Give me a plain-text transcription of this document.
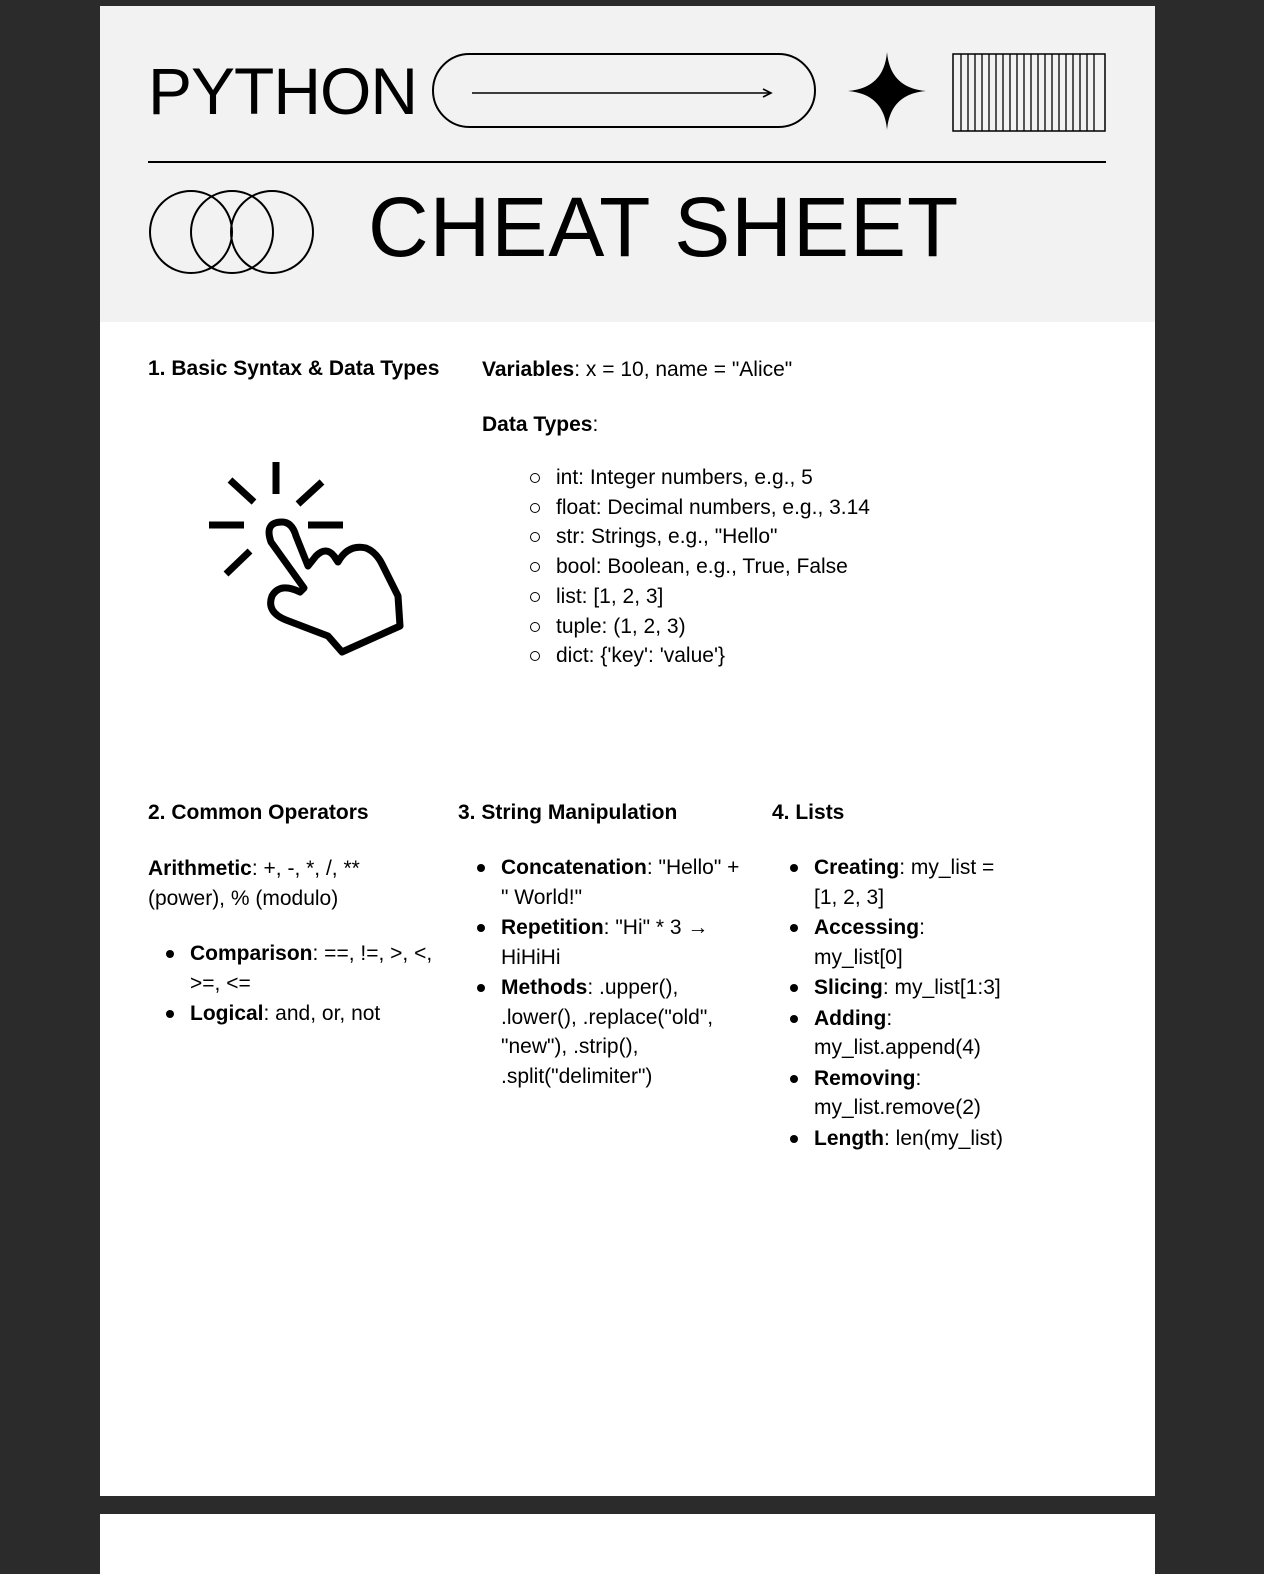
PYTHON
CHEAT SHEET
1. Basic Syntax & Data Types Variables: x = 10, name = "Alice"

Data Types:

int: Integer numbers, e.g., 5
float: Decimal numbers, e.g., 3.14
str: Strings, e.g., "Hello"
bool: Boolean, e.g., True, False
list: [1, 2, 3]
tuple: (1, 2, 3)
dict: {'key': 'value'}
2. Common Operators

Arithmetic: +, -, *, /, ** (power), % (modulo)

Comparison: ==, !=, >, <, >=, <=
Logical: and, or, not
3. String Manipulation
Concatenation: "Hello" + " World!"
Repetition: "Hi" * 3 → HiHiHi
Methods: .upper(), .lower(), .replace("old", "new"), .strip(), .split("delimiter")
4. Lists
Creating: my_list = [1, 2, 3]
Accessing: my_list[0]
Slicing: my_list[1:3]
Adding: my_list.append(4)
Removing: my_list.remove(2)
Length: len(my_list)
